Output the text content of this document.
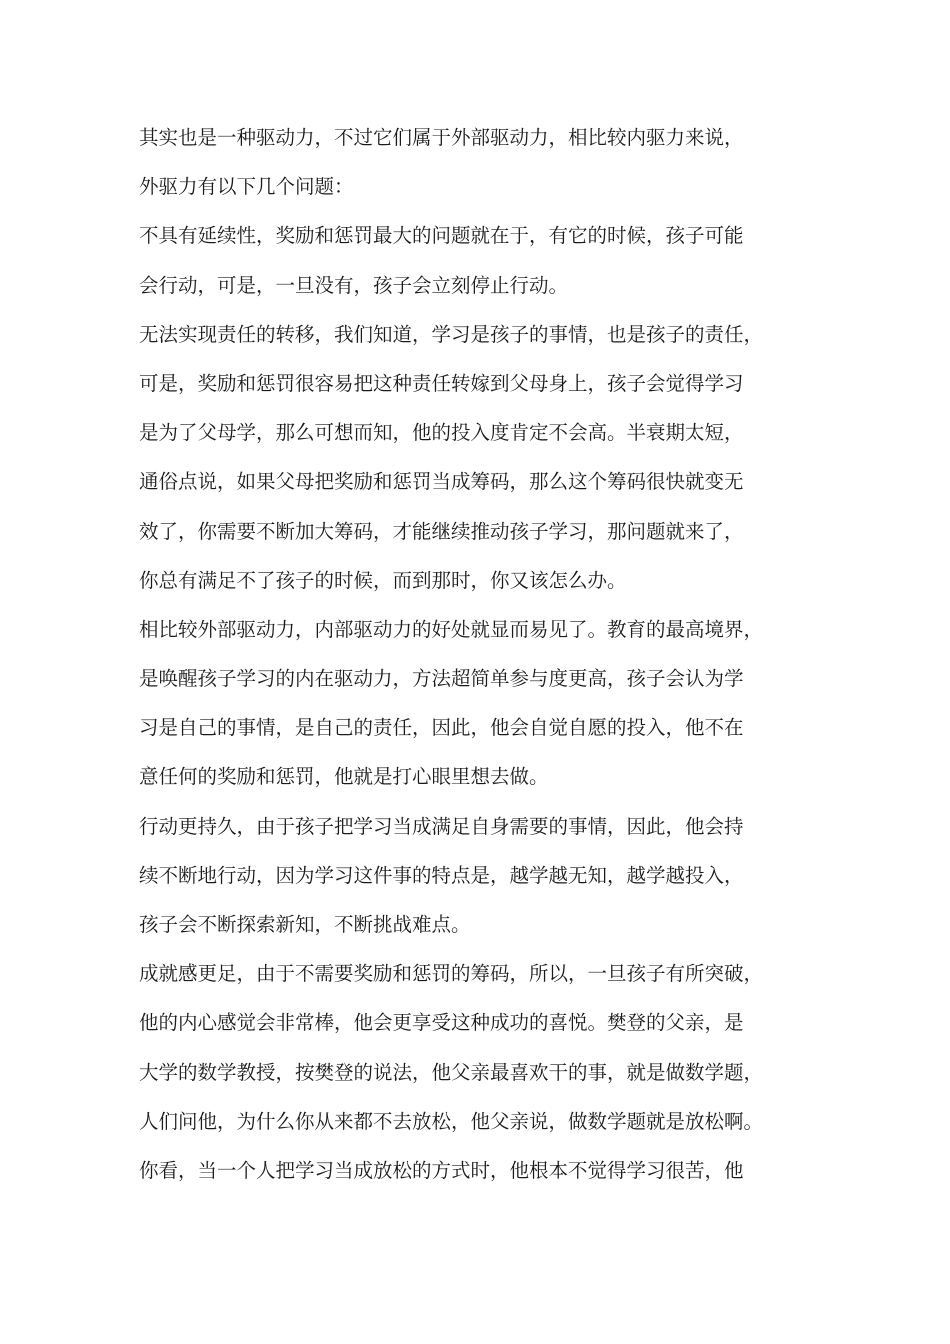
其实也是一种驱动力，不过它们属于外部驱动力，相比较内驱力来说，
外驱力有以下几个问题：
不具有延续性，奖励和惩罚最大的问题就在于，有它的时候，孩子可能
会行动，可是，一旦没有，孩子会立刻停止行动。
无法实现责任的转移，我们知道，学习是孩子的事情，也是孩子的责任，
可是，奖励和惩罚很容易把这种责任转嫁到父母身上，孩子会觉得学习
是为了父母学，那么可想而知，他的投入度肯定不会高。半衰期太短，
通俗点说，如果父母把奖励和惩罚当成筹码，那么这个筹码很快就变无
效了，你需要不断加大筹码，才能继续推动孩子学习，那问题就来了，
你总有满足不了孩子的时候，而到那时，你又该怎么办。
相比较外部驱动力，内部驱动力的好处就显而易见了。教育的最高境界，
是唤醒孩子学习的内在驱动力，方法超简单参与度更高，孩子会认为学
习是自己的事情，是自己的责任，因此，他会自觉自愿的投入，他不在
意任何的奖励和惩罚，他就是打心眼里想去做。
行动更持久，由于孩子把学习当成满足自身需要的事情，因此，他会持
续不断地行动，因为学习这件事的特点是，越学越无知，越学越投入，
孩子会不断探索新知，不断挑战难点。
成就感更足，由于不需要奖励和惩罚的筹码，所以，一旦孩子有所突破，
他的内心感觉会非常棒，他会更享受这种成功的喜悦。樊登的父亲，是
大学的数学教授，按樊登的说法，他父亲最喜欢干的事，就是做数学题，
人们问他，为什么你从来都不去放松，他父亲说，做数学题就是放松啊。
你看，当一个人把学习当成放松的方式时，他根本不觉得学习很苦，他
